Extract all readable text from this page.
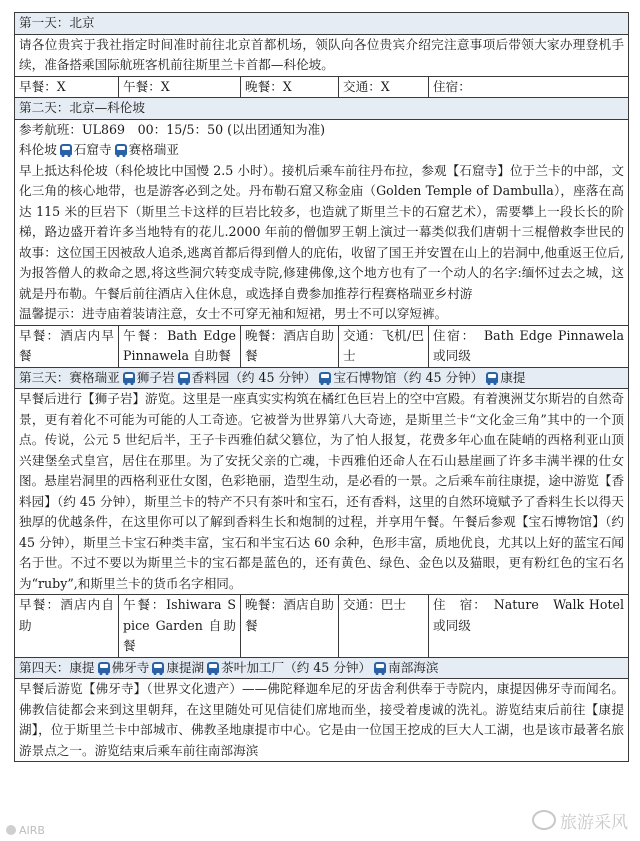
第一天：北京				
请各位贵宾于我社指定时间准时前往北京首都机场，领队向各位贵宾介绍完注意事项后带领大家办理登机手续，准备搭乘国际航班客机前往斯里兰卡首都—科伦坡。				
早餐：X	午餐：X	晚餐：X	交通：X	住宿：
第二天：北京—科伦坡				

参考航班：UL869　00：15/5：50 (以出团通知为准)
科伦坡 石窟寺 赛格瑞亚
早上抵达科伦坡（科伦坡比中国慢 2.5 小时）。接机后乘车前往丹布拉，参观【石窟寺】位于兰卡的中部，文化三角的核心地带，也是游客必到之处。丹布勒石窟又称金庙（Golden Temple of Dambulla），座落在高达 115 米的巨岩下（斯里兰卡这样的巨岩比较多，也造就了斯里兰卡的石窟艺术），需要攀上一段长长的阶梯，路边盛开着许多当地特有的花儿.2000 年前的僧伽罗王朝上演过一幕类似我们唐朝十三棍僧救李世民的故事：这位国王因被敌人追杀,逃离首都后得到僧人的庇佑，收留了国王并安置在山上的岩洞中,他重返王位后,为报答僧人的救命之恩,将这些洞穴转变成寺院,修建佛像,这个地方也有了一个动人的名字:缅怀过去之城，这就是丹布勒。午餐后前往酒店入住休息，或选择自费参加推荐行程赛格瑞亚乡村游
温馨提示：进寺庙着装请注意，女士不可穿无袖和短裙，男士不可以穿短裤。				

早餐：酒店内早餐	午餐：Bath Edge Pinnawela 自助餐	晚餐：酒店自助餐	交通：飞机/巴士	住宿：　Bath Edge Pinnawela 或同级
第三天：赛格瑞亚 狮子岩 香料园（约 45 分钟） 宝石博物馆（约 45 分钟） 康提				
早餐后进行【狮子岩】游览。这里是一座真实实构筑在橘红色巨岩上的空中宫殿。有着澳洲艾尔斯岩的自然奇景，更有着化不可能为可能的人工奇迹。它被誉为世界第八大奇迹，是斯里兰卡“文化金三角”其中的一个顶点。传说，公元 5 世纪后半，王子卡西雅伯弑父篡位，为了怕人报复，花费多年心血在陡峭的西格利亚山顶兴建堡垒式皇宫，居住在那里。为了安抚父亲的亡魂，卡西雅伯还命人在石山悬崖画了许多丰满半裸的仕女图。悬崖岩洞里的西格利亚仕女图，色彩艳丽，造型生动，是必看的一景。之后乘车前往康提，途中游览【香料园】（约 45 分钟），斯里兰卡的特产不只有茶叶和宝石，还有香料，这里的自然环境赋予了香料生长以得天独厚的优越条件，在这里你可以了解到香料生长和炮制的过程，并享用午餐。午餐后参观【宝石博物馆】（约 45 分钟），斯里兰卡宝石种类丰富，宝石和半宝石达 60 余种，色形丰富，质地优良，尤其以上好的蓝宝石闻名于世。不过不要以为斯里兰卡的宝石都是蓝色的，还有黄色、绿色、金色以及猫眼，更有粉红色的宝石名为“ruby”,和斯里兰卡的货币名字相同。				
早餐：酒店内自助	午餐：Ishiwara Spice Garden 自助餐	晚餐：酒店自助餐	交通：巴士	住　宿：　Nature　Walk Hotel　或同级
第四天：康提 佛牙寺 康提湖 茶叶加工厂（约 45 分钟） 南部海滨				
早餐后游览【佛牙寺】（世界文化遗产）——佛陀释迦牟尼的牙齿舍利供奉于寺院内，康提因佛牙寺而闻名。佛教信徒都会来到这里朝拜，在这里随处可见信徒们席地而坐，接受着虔诚的洗礼。游览结束后前往【康提湖】，位于斯里兰卡中部城市、佛教圣地康提市中心。它是由一位国王挖成的巨大人工湖，也是该市最著名旅游景点之一。游览结束后乘车前往南部海滨				
AIRB	旅游采风
